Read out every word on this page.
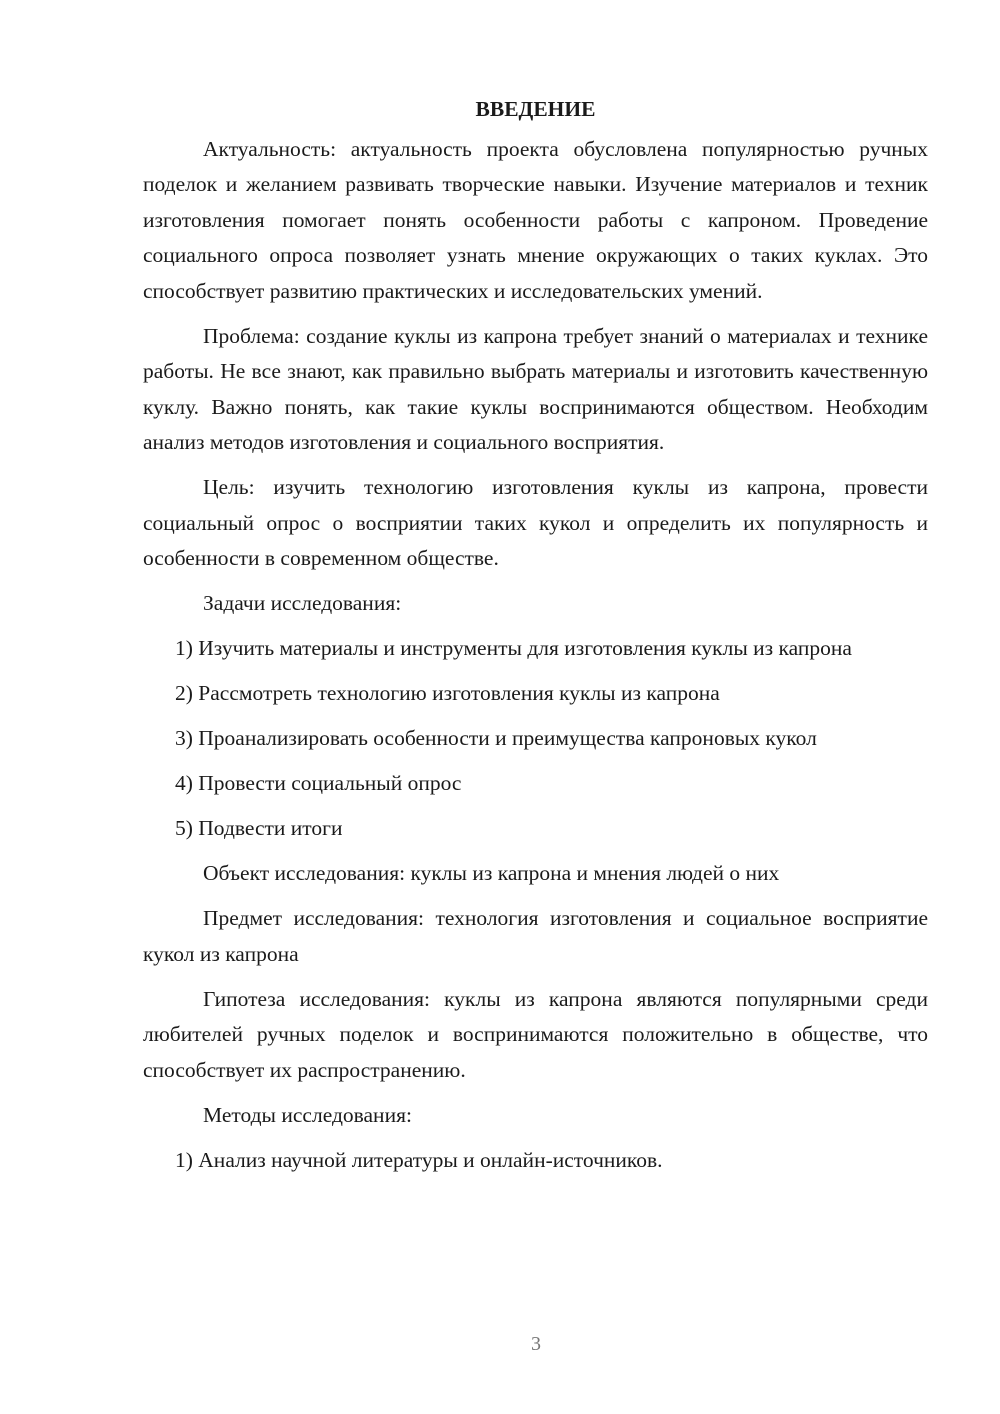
ВВЕДЕНИЕ

Актуальность: актуальность проекта обусловлена популярностью ручных поделок и желанием развивать творческие навыки. Изучение материалов и техник изготовления помогает понять особенности работы с капроном. Проведение социального опроса позволяет узнать мнение окружающих о таких куклах. Это способствует развитию практических и исследовательских умений.

Проблема: создание куклы из капрона требует знаний о материалах и технике работы. Не все знают, как правильно выбрать материалы и изготовить качественную куклу. Важно понять, как такие куклы воспринимаются обществом. Необходим анализ методов изготовления и социального восприятия.

Цель: изучить технологию изготовления куклы из капрона, провести социальный опрос о восприятии таких кукол и определить их популярность и особенности в современном обществе.

Задачи исследования:

1) Изучить материалы и инструменты для изготовления куклы из капрона

2) Рассмотреть технологию изготовления куклы из капрона

3) Проанализировать особенности и преимущества капроновых кукол

4) Провести социальный опрос

5) Подвести итоги

Объект исследования: куклы из капрона и мнения людей о них

Предмет исследования: технология изготовления и социальное восприятие кукол из капрона

Гипотеза исследования: куклы из капрона являются популярными среди любителей ручных поделок и воспринимаются положительно в обществе, что способствует их распространению.

Методы исследования:

1) Анализ научной литературы и онлайн-источников.

3
